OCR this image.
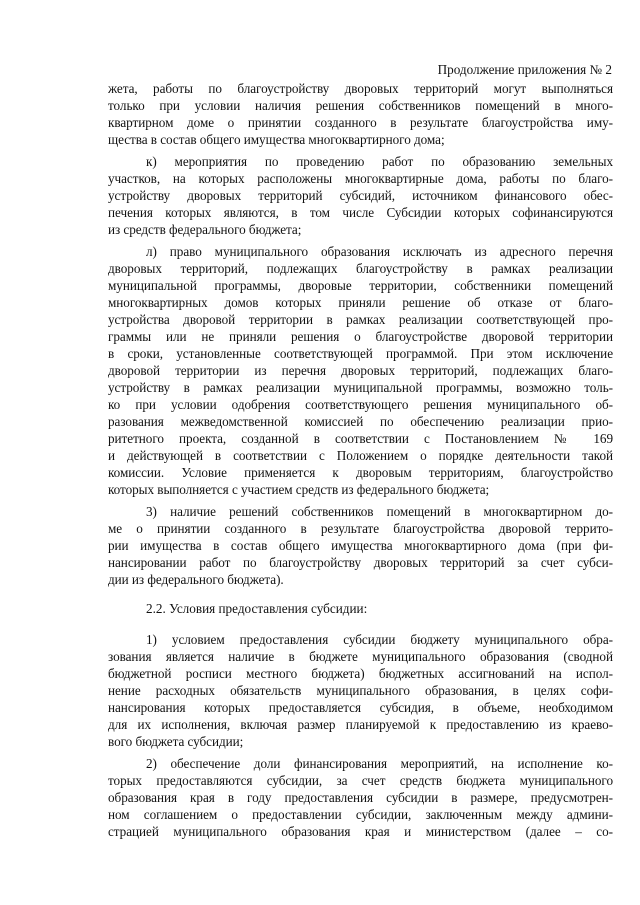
Продолжение приложения № 2
жета, работы по благоустройству дворовых территорий могут выполняться
только при условии наличия решения собственников помещений в много-
квартирном доме о принятии созданного в результате благоустройства иму-
щества в состав общего имущества многоквартирного дома;
к) мероприятия по проведению работ по образованию земельных
участков, на которых расположены многоквартирные дома, работы по благо-
устройству дворовых территорий субсидий, источником финансового обес-
печения которых являются, в том числе Субсидии которых софинансируются
из средств федерального бюджета;
л) право муниципального образования исключать из адресного перечня
дворовых территорий, подлежащих благоустройству в рамках реализации
муниципальной программы, дворовые территории, собственники помещений
многоквартирных домов которых приняли решение об отказе от благо-
устройства дворовой территории в рамках реализации соответствующей про-
граммы или не приняли решения о благоустройстве дворовой территории
в сроки, установленные соответствующей программой. При этом исключение
дворовой территории из перечня дворовых территорий, подлежащих благо-
устройству в рамках реализации муниципальной программы, возможно толь-
ко при условии одобрения соответствующего решения муниципального об-
разования межведомственной комиссией по обеспечению реализации прио-
ритетного проекта, созданной в соответствии с Постановлением № 169
и действующей в соответствии с Положением о порядке деятельности такой
комиссии. Условие применяется к дворовым территориям, благоустройство
которых выполняется с участием средств из федерального бюджета;
3) наличие решений собственников помещений в многоквартирном до-
ме о принятии созданного в результате благоустройства дворовой террито-
рии имущества в состав общего имущества многоквартирного дома (при фи-
нансировании работ по благоустройству дворовых территорий за счет субси-
дии из федерального бюджета).
2.2. Условия предоставления субсидии:
1) условием предоставления субсидии бюджету муниципального обра-
зования является наличие в бюджете муниципального образования (сводной
бюджетной росписи местного бюджета) бюджетных ассигнований на испол-
нение расходных обязательств муниципального образования, в целях софи-
нансирования которых предоставляется субсидия, в объеме, необходимом
для их исполнения, включая размер планируемой к предоставлению из краево-
вого бюджета субсидии;
2) обеспечение доли финансирования мероприятий, на исполнение ко-
торых предоставляются субсидии, за счет средств бюджета муниципального
образования края в году предоставления субсидии в размере, предусмотрен-
ном соглашением о предоставлении субсидии, заключенным между админи-
страцией муниципального образования края и министерством (далее – со-
